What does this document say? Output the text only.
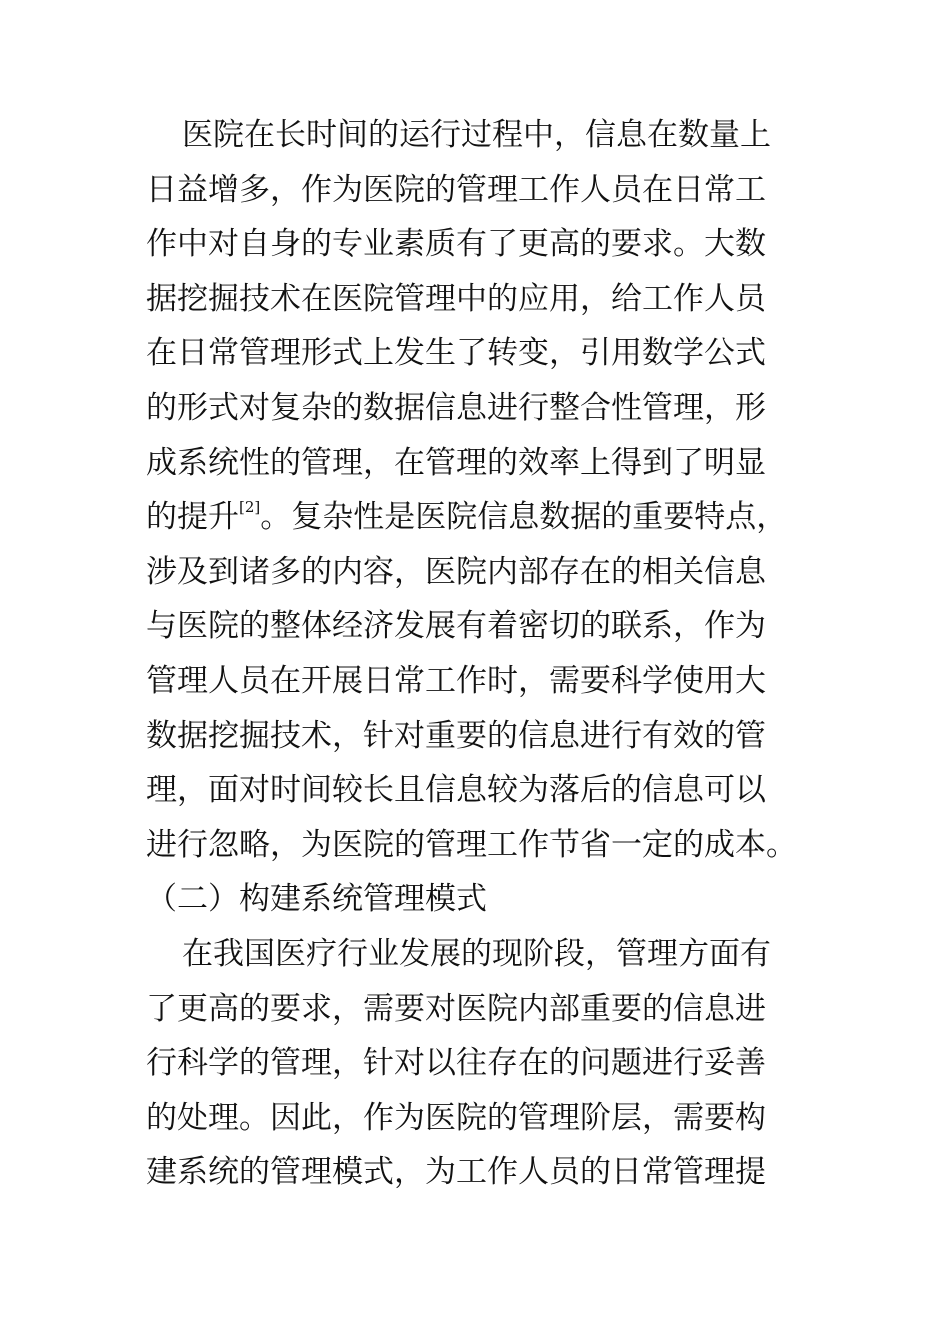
医院在长时间的运行过程中，信息在数量上
日益增多，作为医院的管理工作人员在日常工
作中对自身的专业素质有了更高的要求。大数
据挖掘技术在医院管理中的应用，给工作人员
在日常管理形式上发生了转变，引用数学公式
的形式对复杂的数据信息进行整合性管理，形
成系统性的管理，在管理的效率上得到了明显
的提升[2]。复杂性是医院信息数据的重要特点，
涉及到诸多的内容，医院内部存在的相关信息
与医院的整体经济发展有着密切的联系，作为
管理人员在开展日常工作时，需要科学使用大
数据挖掘技术，针对重要的信息进行有效的管
理，面对时间较长且信息较为落后的信息可以
进行忽略，为医院的管理工作节省一定的成本。
（二）构建系统管理模式
在我国医疗行业发展的现阶段，管理方面有
了更高的要求，需要对医院内部重要的信息进
行科学的管理，针对以往存在的问题进行妥善
的处理。因此，作为医院的管理阶层，需要构
建系统的管理模式，为工作人员的日常管理提
